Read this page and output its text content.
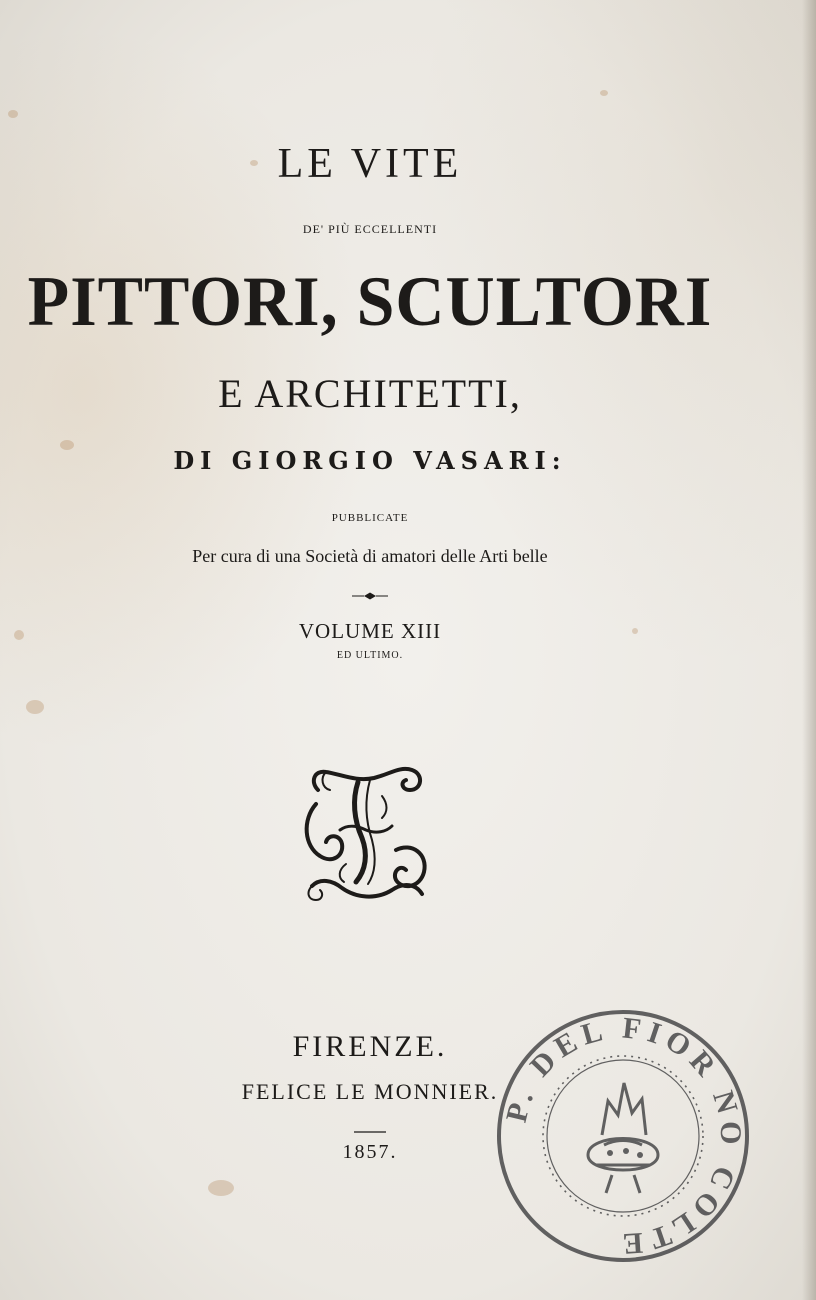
LE VITE
DE' PIÙ ECCELLENTI
PITTORI, SCULTORI
E ARCHITETTI,
DI GIORGIO VASARI:
PUBBLICATE
Per cura di una Società di amatori delle Arti belle
VOLUME XIII
ED ULTIMO.
FIRENZE.
FELICE LE MONNIER.
1857.
P. DEL FIOR NO COLTE
